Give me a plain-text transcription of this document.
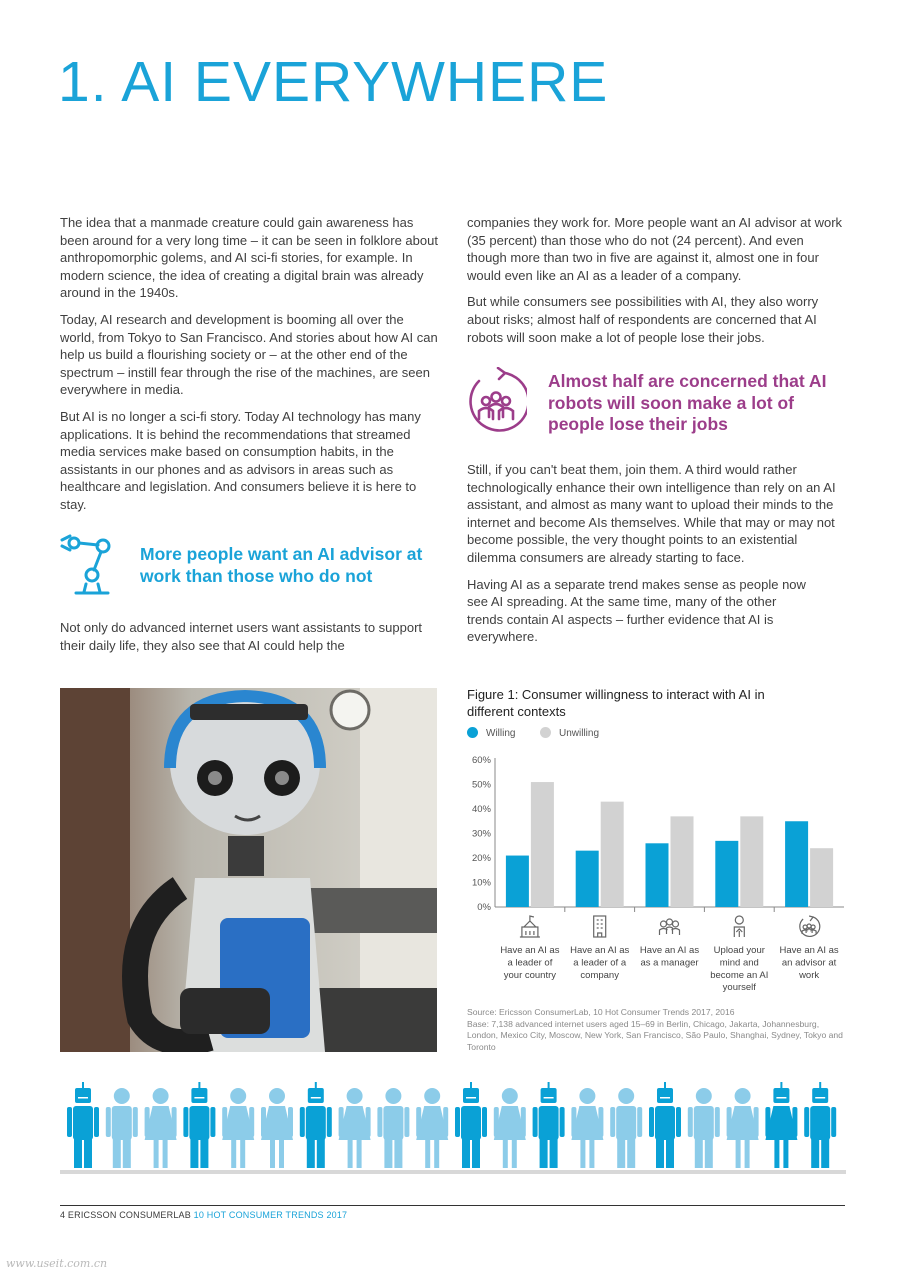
1. AI EVERYWHERE

The idea that a manmade creature could gain awareness has been around for a very long time – it can be seen in folklore about anthropomorphic golems, and AI sci-fi stories, for example. In modern science, the idea of creating a digital brain was already around in the 1940s.

Today, AI research and development is booming all over the world, from Tokyo to San Francisco. And stories about how AI can help us build a flourishing society or – at the other end of the spectrum – instill fear through the rise of the machines, are seen everywhere in media.

But AI is no longer a sci-fi story. Today AI technology has many applications. It is behind the recommendations that streamed media services make based on consumption habits, in the assistants in our phones and as advisors in areas such as healthcare and legislation. And consumers believe it is here to stay.

More people want an AI advisor at work than those who do not
Not only do advanced internet users want assistants to support their daily life, they also see that AI could help the

companies they work for. More people want an AI advisor at work (35 percent) than those who do not (24 percent). And even though more than two in five are against it, almost one in four would even like an AI as a leader of a company.

But while consumers see possibilities with AI, they also worry about risks; almost half of respondents are concerned that AI robots will soon make a lot of people lose their jobs.

Almost half are concerned that AI robots will soon make a lot of people lose their jobs

Still, if you can't beat them, join them. A third would rather technologically enhance their own intelligence than rely on an AI assistant, and almost as many want to upload their minds to the internet and become AIs themselves. While that may or may not become possible, the very thought points to an existential dilemma consumers are already starting to face.

Having AI as a separate trend makes sense as people now see AI spreading. At the same time, many of the other trends contain AI aspects – further evidence that AI is everywhere.

Figure 1: Consumer willingness to interact with AI in different contexts
Willing	Unwilling
0%
10%
20%
30%
40%
50%
60%
Have an AI as a leader of your country
Have an AI as a leader of a company
Have an AI as as a manager
Upload your mind and become an AI yourself
Have an AI as an advisor at work
Source: Ericsson ConsumerLab, 10 Hot Consumer Trends 2017, 2016
Base: 7,138 advanced internet users aged 15–69 in Berlin, Chicago, Jakarta, Johannesburg, London, Mexico City, Moscow, New York, San Francisco, São Paulo, Shanghai, Sydney, Tokyo and Toronto
4 ERICSSON CONSUMERLAB 10 HOT CONSUMER TRENDS 2017
www.useit.com.cn
